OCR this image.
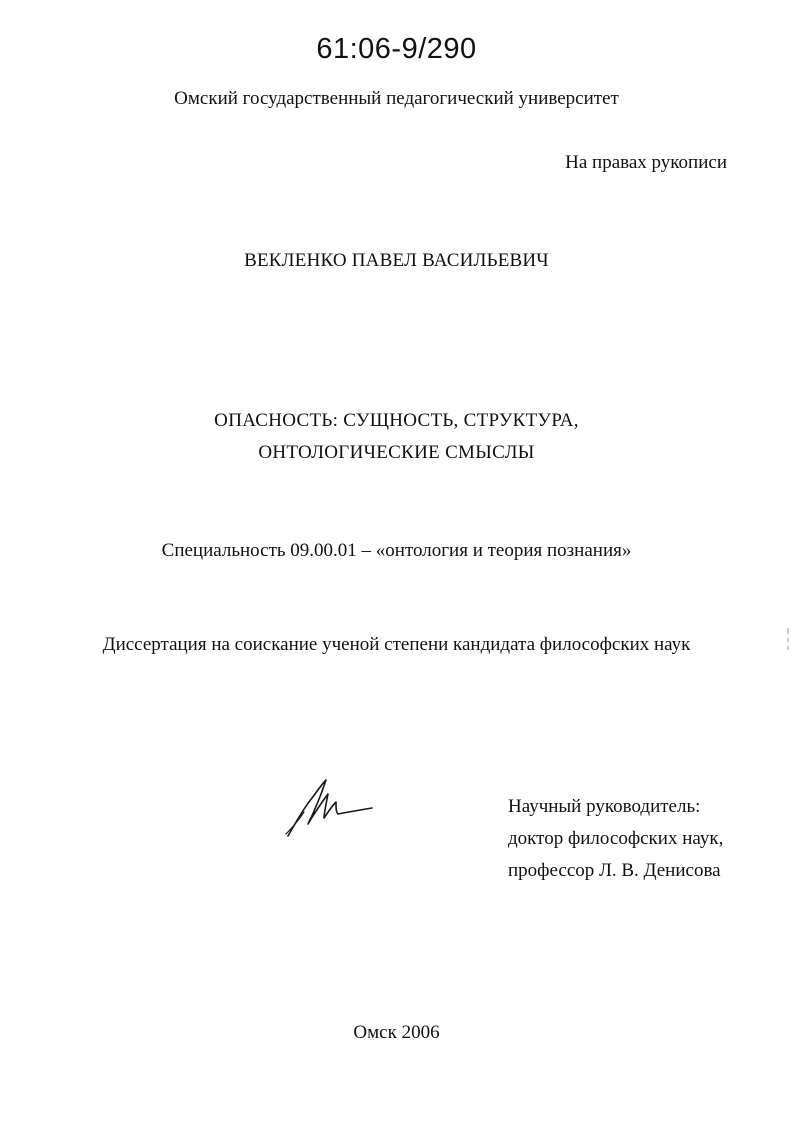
61:06-9/290
Омский государственный педагогический университет
На правах рукописи
ВЕКЛЕНКО ПАВЕЛ ВАСИЛЬЕВИЧ
ОПАСНОСТЬ: СУЩНОСТЬ, СТРУКТУРА,
ОНТОЛОГИЧЕСКИЕ СМЫСЛЫ
Специальность 09.00.01 – «онтология и теория познания»
Диссертация на соискание ученой степени кандидата философских наук
Научный руководитель:
доктор философских наук,
профессор Л. В. Денисова
Омск 2006
